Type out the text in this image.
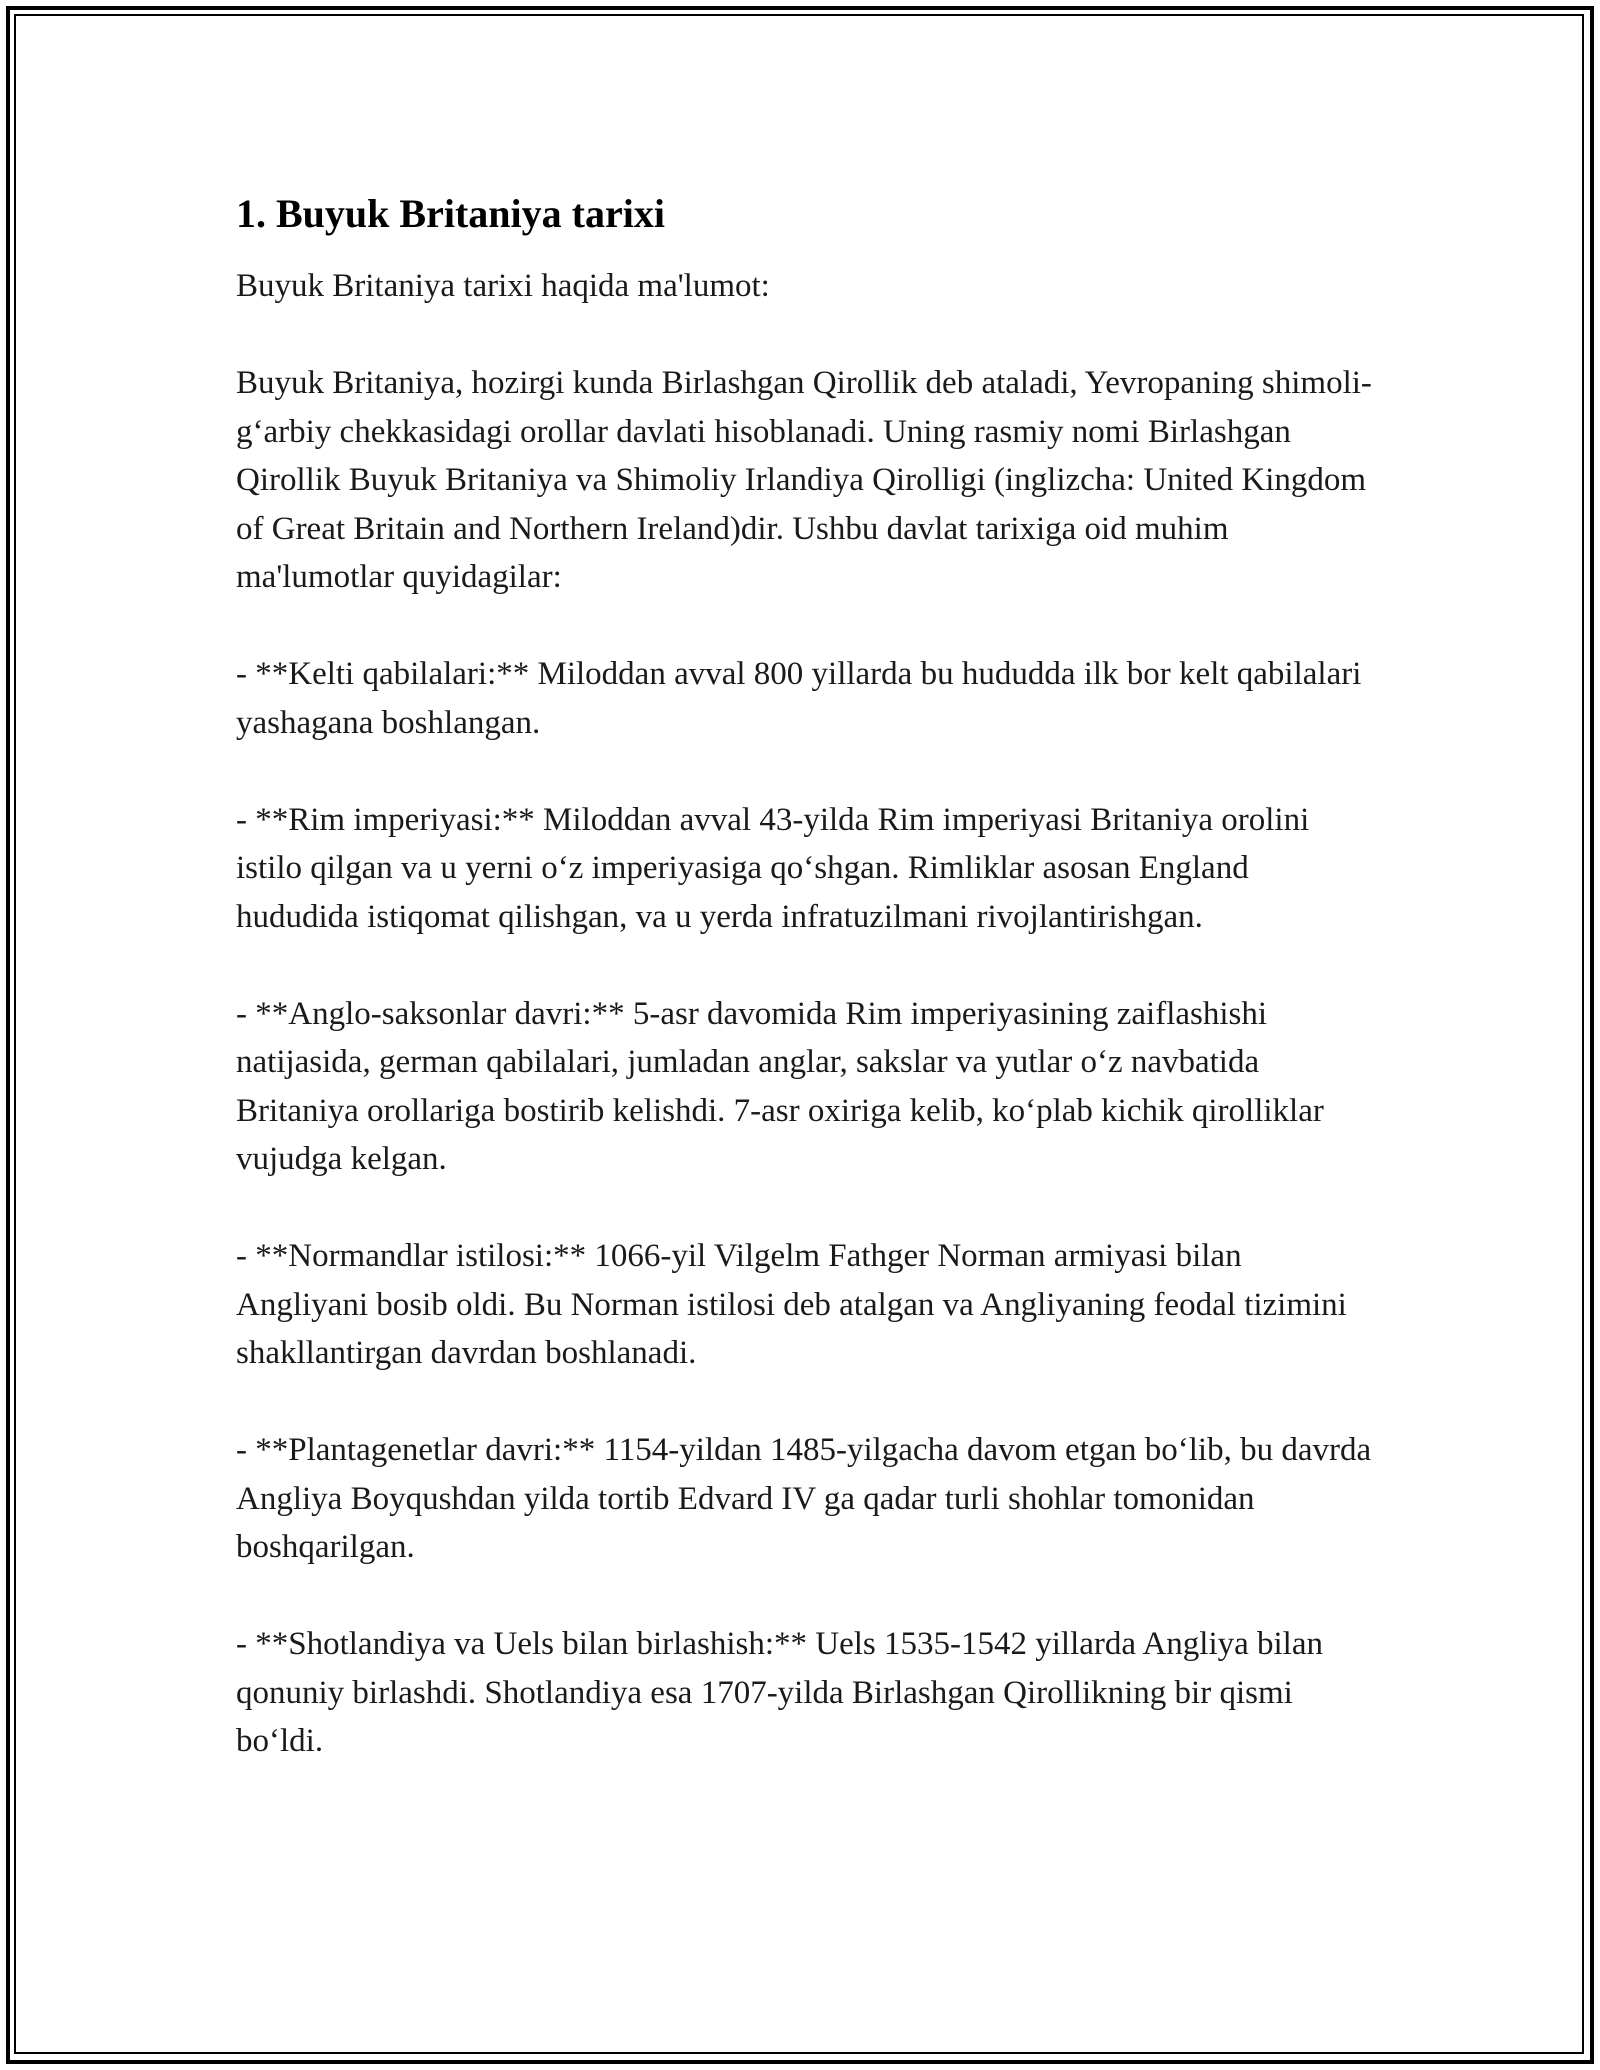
1. Buyuk Britaniya tarixi

Buyuk Britaniya tarixi haqida ma'lumot:

Buyuk Britaniya, hozirgi kunda Birlashgan Qirollik deb ataladi, Yevropaning shimoli-g‘arbiy chekkasidagi orollar davlati hisoblanadi. Uning rasmiy nomi Birlashgan Qirollik Buyuk Britaniya va Shimoliy Irlandiya Qirolligi (inglizcha: United Kingdom of Great Britain and Northern Ireland)dir. Ushbu davlat tarixiga oid muhim ma'lumotlar quyidagilar:

- **Kelti qabilalari:** Miloddan avval 800 yillarda bu hududda ilk bor kelt qabilalari yashagana boshlangan.

- **Rim imperiyasi:** Miloddan avval 43-yilda Rim imperiyasi Britaniya orolini istilo qilgan va u yerni o‘z imperiyasiga qo‘shgan. Rimliklar asosan England hududida istiqomat qilishgan, va u yerda infratuzilmani rivojlantirishgan.

- **Anglo-saksonlar davri:** 5-asr davomida Rim imperiyasining zaiflashishi natijasida, german qabilalari, jumladan anglar, sakslar va yutlar o‘z navbatida Britaniya orollariga bostirib kelishdi. 7-asr oxiriga kelib, ko‘plab kichik qirolliklar vujudga kelgan.

- **Normandlar istilosi:** 1066-yil Vilgelm Fathger Norman armiyasi bilan Angliyani bosib oldi. Bu Norman istilosi deb atalgan va Angliyaning feodal tizimini shakllantirgan davrdan boshlanadi.

- **Plantagenetlar davri:** 1154-yildan 1485-yilgacha davom etgan bo‘lib, bu davrda Angliya Boyqushdan yilda tortib Edvard IV ga qadar turli shohlar tomonidan boshqarilgan.

- **Shotlandiya va Uels bilan birlashish:** Uels 1535-1542 yillarda Angliya bilan qonuniy birlashdi. Shotlandiya esa 1707-yilda Birlashgan Qirollikning bir qismi bo‘ldi.
